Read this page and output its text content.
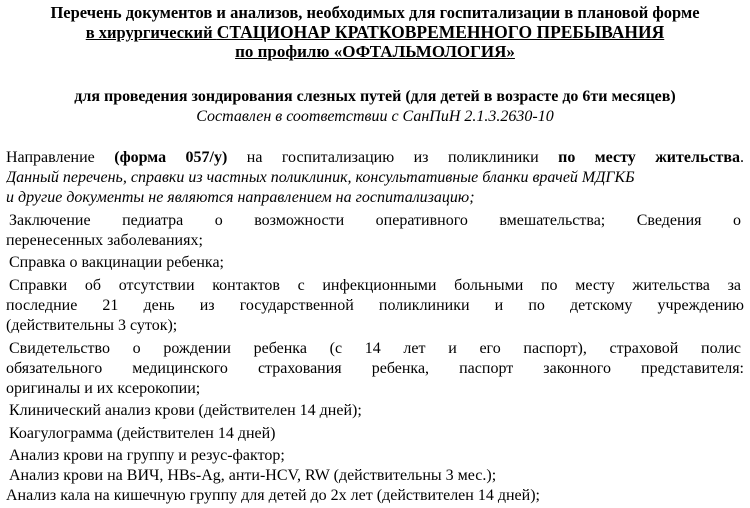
Перечень документов и анализов, необходимых для госпитализации в плановой форме
в хирургический СТАЦИОНАР КРАТКОВРЕМЕННОГО ПРЕБЫВАНИЯ
по профилю «ОФТАЛЬМОЛОГИЯ»
для проведения зондирования слезных путей (для детей в возрасте до 6ти месяцев)
Составлен в соответствии с СанПиН 2.1.3.2630-10
Направление (форма 057/у) на госпитализацию из поликлиники по месту жительства.
Данный перечень, справки из частных поликлиник, консультативные бланки врачей МДГКБ
и другие документы не являются направлением на госпитализацию;
Заключение педиатра о возможности оперативного вмешательства; Сведения о
перенесенных заболеваниях;
Справка о вакцинации ребенка;
Справки об отсутствии контактов с инфекционными больными по месту жительства за
последние 21 день из государственной поликлиники и по детскому учреждению
(действительны 3 суток);
Свидетельство о рождении ребенка (с 14 лет и его паспорт), страховой полис
обязательного медицинского страхования ребенка, паспорт законного представителя:
оригиналы и их ксерокопии;
Клинический анализ крови (действителен 14 дней);
Коагулограмма (действителен 14 дней)
Анализ крови на группу и резус-фактор;
Анализ крови на ВИЧ, HBs-Ag, анти-HCV, RW (действительны 3 мес.);
Анализ кала на кишечную группу для детей до 2х лет (действителен 14 дней);
